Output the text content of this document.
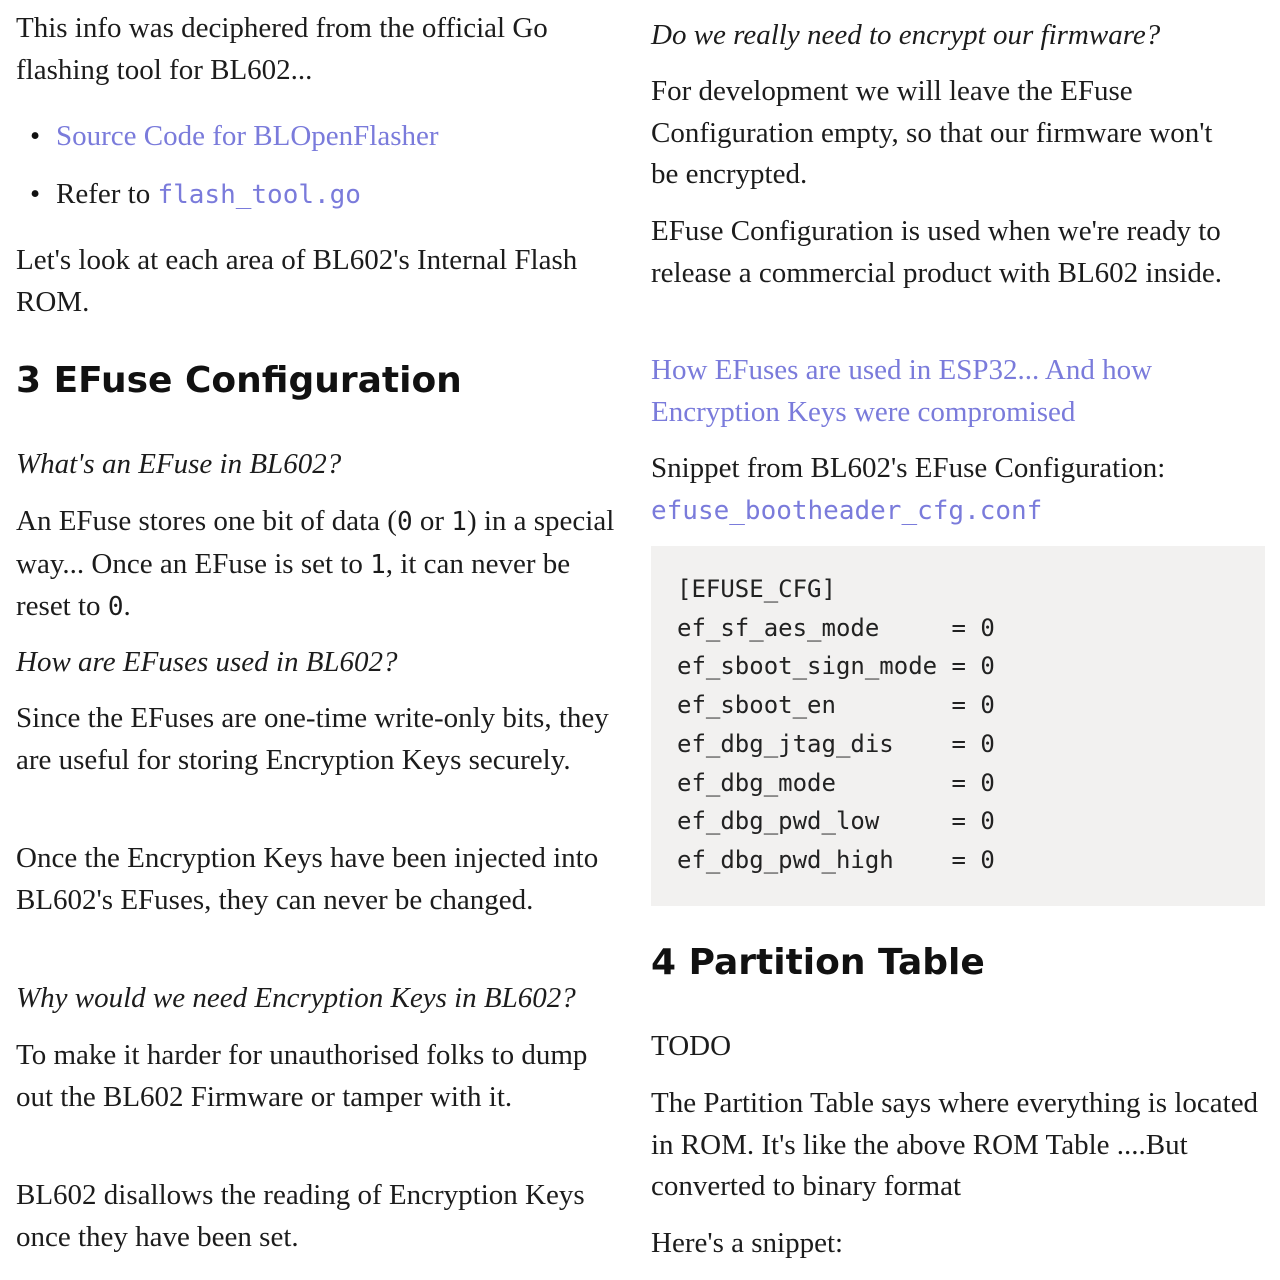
This info was deciphered from the official Go flashing tool for BL602...

• Source Code for BLOpenFlasher
• Refer to flash_tool.go

Let's look at each area of BL602's Internal Flash ROM.

3 EFuse Configuration

What's an EFuse in BL602?

An EFuse stores one bit of data (0 or 1) in a special way... Once an EFuse is set to 1, it can never be reset to 0.

How are EFuses used in BL602?

Since the EFuses are one-time write-only bits, they are useful for storing Encryption Keys securely.

Once the Encryption Keys have been injected into BL602's EFuses, they can never be changed.

Why would we need Encryption Keys in BL602?

To make it harder for unauthorised folks to dump out the BL602 Firmware or tamper with it.

BL602 disallows the reading of Encryption Keys once they have been set.

Do we really need to encrypt our firmware?

For development we will leave the EFuse Configuration empty, so that our firmware won't be encrypted.

EFuse Configuration is used when we're ready to release a commercial product with BL602 inside.

How EFuses are used in ESP32... And how Encryption Keys were compromised

Snippet from BL602's EFuse Configuration: efuse_bootheader_cfg.conf

[EFUSE_CFG]
ef_sf_aes_mode     = 0
ef_sboot_sign_mode = 0
ef_sboot_en        = 0
ef_dbg_jtag_dis    = 0
ef_dbg_mode        = 0
ef_dbg_pwd_low     = 0
ef_dbg_pwd_high    = 0
4 Partition Table

TODO

The Partition Table says where everything is located in ROM. It's like the above ROM Table ....But converted to binary format

Here's a snippet:
